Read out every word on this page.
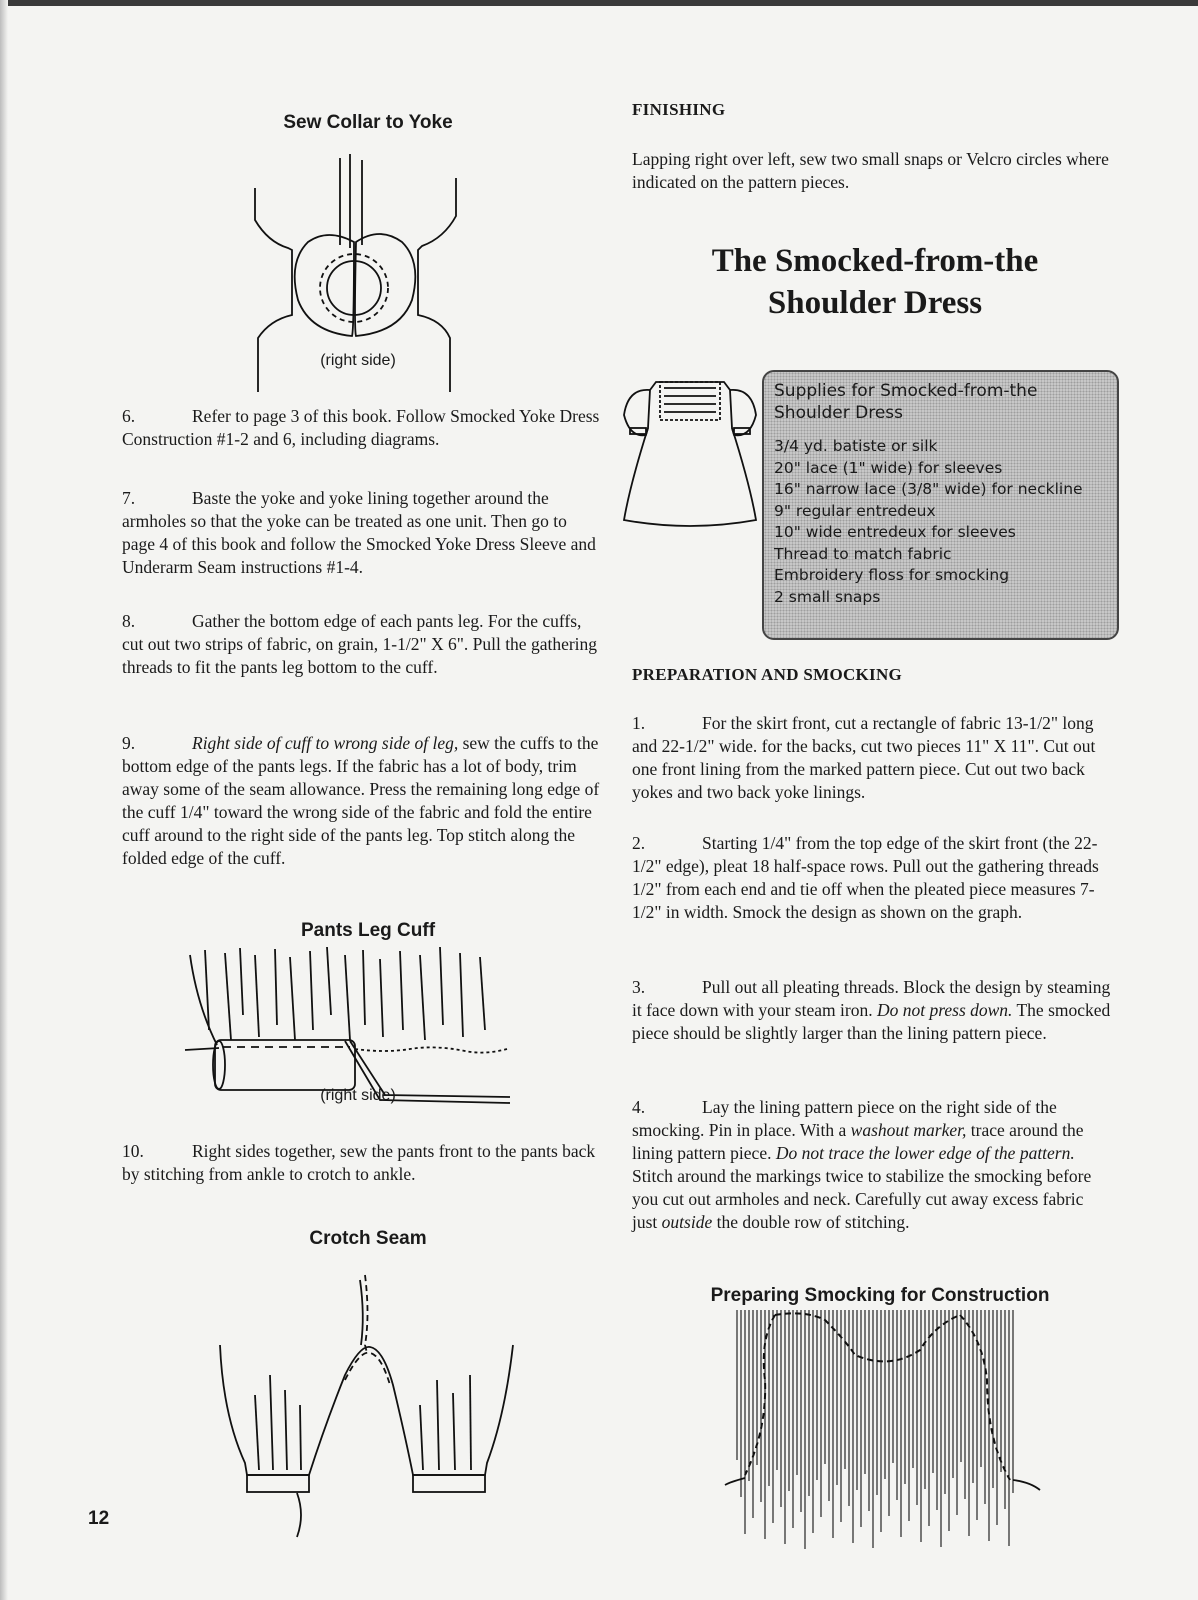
Sew Collar to Yoke
(right side)
6.	Refer to page 3 of this book. Follow Smocked Yoke Dress Construction #1-2 and 6, including diagrams.
7.	Baste the yoke and yoke lining together around the armholes so that the yoke can be treated as one unit. Then go to page 4 of this book and follow the Smocked Yoke Dress Sleeve and Underarm Seam instructions #1-4.
8.	Gather the bottom edge of each pants leg. For the cuffs, cut out two strips of fabric, on grain, 1-1/2" X 6". Pull the gathering threads to fit the pants leg bottom to the cuff.
9.	Right side of cuff to wrong side of leg, sew the cuffs to the bottom edge of the pants legs. If the fabric has a lot of body, trim away some of the seam allowance. Press the remaining long edge of the cuff 1/4" toward the wrong side of the fabric and fold the entire cuff around to the right side of the pants leg. Top stitch along the folded edge of the cuff.
Pants Leg Cuff
(right side)
10.	Right sides together, sew the pants front to the pants back by stitching from ankle to crotch to ankle.
Crotch Seam
12
FINISHING
Lapping right over left, sew two small snaps or Velcro circles where indicated on the pattern pieces.
The Smocked-from-the
Shoulder Dress
Supplies for Smocked-from-the Shoulder Dress
3/4 yd. batiste or silk
20" lace (1" wide) for sleeves
16" narrow lace (3/8" wide) for neckline
9" regular entredeux
10" wide entredeux for sleeves
Thread to match fabric
Embroidery floss for smocking
2 small snaps
PREPARATION AND SMOCKING
1.	For the skirt front, cut a rectangle of fabric 13-1/2" long and 22-1/2" wide. for the backs, cut two pieces 11" X 11". Cut out one front lining from the marked pattern piece. Cut out two back yokes and two back yoke linings.
2.	Starting 1/4" from the top edge of the skirt front (the 22-1/2" edge), pleat 18 half-space rows. Pull out the gathering threads 1/2" from each end and tie off when the pleated piece measures 7-1/2" in width. Smock the design as shown on the graph.
3.	Pull out all pleating threads. Block the design by steaming it face down with your steam iron. Do not press down. The smocked piece should be slightly larger than the lining pattern piece.
4.	Lay the lining pattern piece on the right side of the smocking. Pin in place. With a washout marker, trace around the lining pattern piece. Do not trace the lower edge of the pattern. Stitch around the markings twice to stabilize the smocking before you cut out armholes and neck. Carefully cut away excess fabric just outside the double row of stitching.
Preparing Smocking for Construction
